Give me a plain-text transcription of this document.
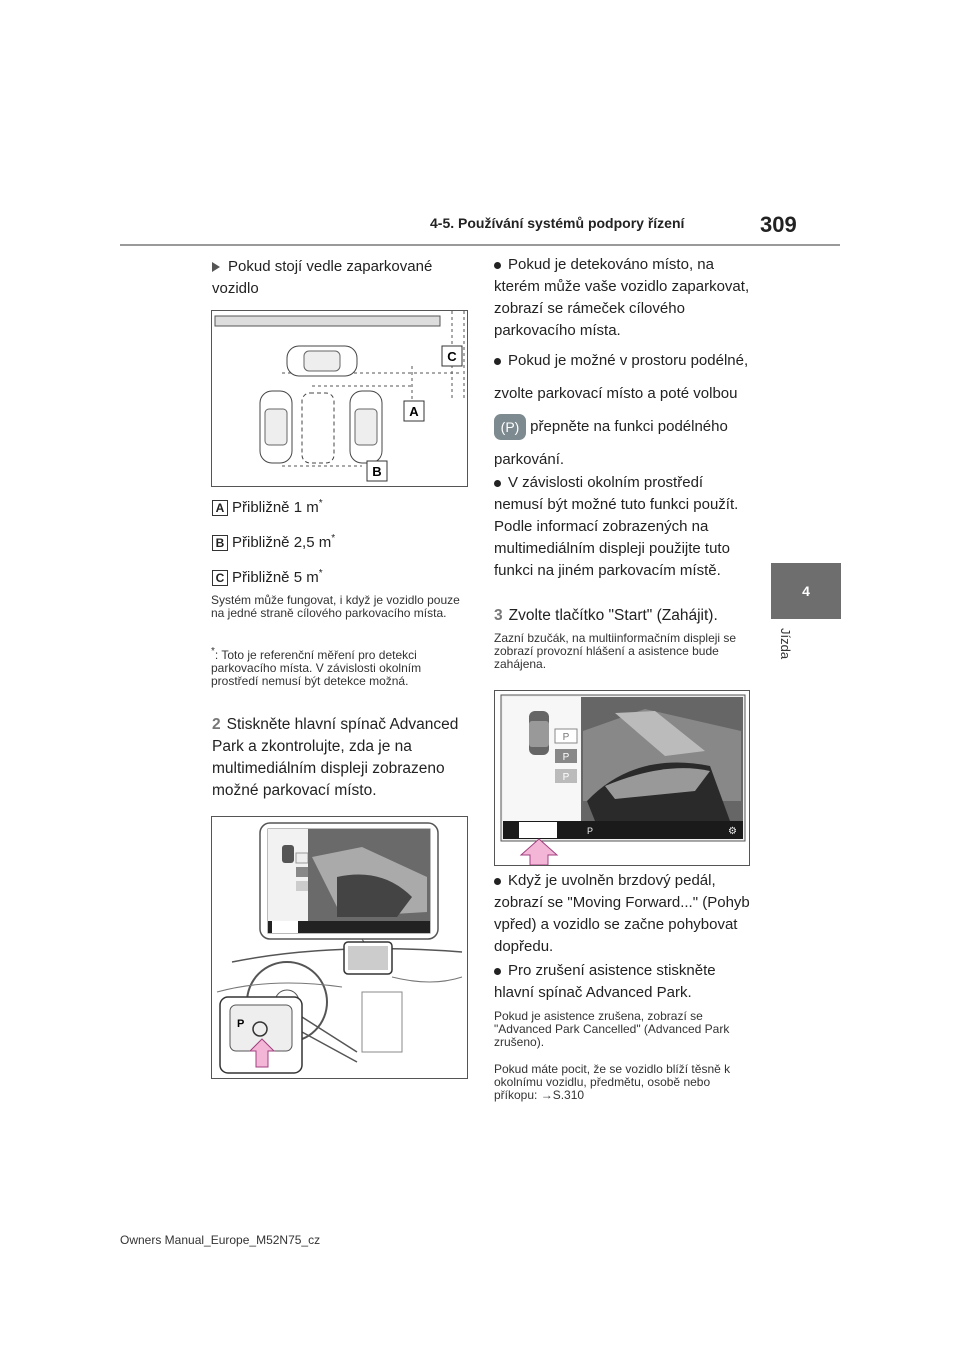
4-5. Používání systémů podpory řízení	309
4
Jízda
Pokud stojí vedle zaparkované vozidlo
C
A
B
A Přibližně 1 m*
B Přibližně 2,5 m*
C Přibližně 5 m*
Systém může fungovat, i když je vozidlo pouze na jedné straně cílového parkovacího místa.
*: Toto je referenční měření pro detekci parkovacího místa. V závislosti okolním prostředí nemusí být detekce možná.
2 Stiskněte hlavní spínač Advanced Park a zkontrolujte, zda je na multimediálním displeji zobrazeno možné parkovací místo.
P
Pokud je detekováno místo, na kterém může vaše vozidlo zaparkovat, zobrazí se rámeček cílového parkovacího místa.
Pokud je možné v prostoru podélné, zvolte parkovací místo a poté volbou (P) přepněte na funkci podélného parkování.
V závislosti okolním prostředí nemusí být možné tuto funkci použít. Podle informací zobrazených na multimediálním displeji použijte tuto funkci na jiném parkovacím místě.
3 Zvolte tlačítko "Start" (Zahájit).
Zazní bzučák, na multiinformačním displeji se zobrazí provozní hlášení a asistence bude zahájena.
P
P
P
P	⚙
Když je uvolněn brzdový pedál, zobrazí se "Moving Forward..." (Pohyb vpřed) a vozidlo se začne pohybovat dopředu.
Pro zrušení asistence stiskněte hlavní spínač Advanced Park.
Pokud je asistence zrušena, zobrazí se "Advanced Park Cancelled" (Advanced Park zrušeno).
Pokud máte pocit, že se vozidlo blíží těsně k okolnímu vozidlu, předmětu, osobě nebo příkopu: →S.310
Owners Manual_Europe_M52N75_cz
